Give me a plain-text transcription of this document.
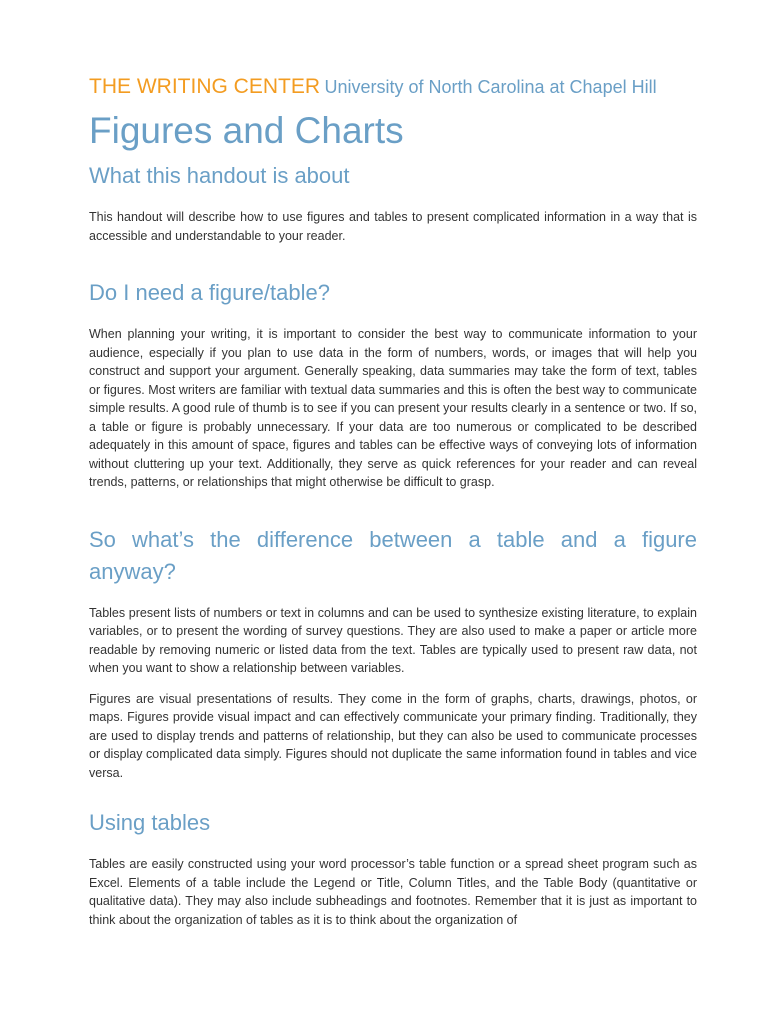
THE WRITING CENTER University of North Carolina at Chapel Hill
Figures and Charts
What this handout is about

This handout will describe how to use figures and tables to present complicated information in a way that is accessible and understandable to your reader.

Do I need a figure/table?

When planning your writing, it is important to consider the best way to communicate information to your audience, especially if you plan to use data in the form of numbers, words, or images that will help you construct and support your argument. Generally speaking, data summaries may take the form of text, tables or figures. Most writers are familiar with textual data summaries and this is often the best way to communicate simple results. A good rule of thumb is to see if you can present your results clearly in a sentence or two. If so, a table or figure is probably unnecessary. If your data are too numerous or complicated to be described adequately in this amount of space, figures and tables can be effective ways of conveying lots of information without cluttering up your text. Additionally, they serve as quick references for your reader and can reveal trends, patterns, or relationships that might otherwise be difficult to grasp.

So what’s the difference between a table and a figure anyway?

Tables present lists of numbers or text in columns and can be used to synthesize existing literature, to explain variables, or to present the wording of survey questions. They are also used to make a paper or article more readable by removing numeric or listed data from the text. Tables are typically used to present raw data, not when you want to show a relationship between variables.

Figures are visual presentations of results. They come in the form of graphs, charts, drawings, photos, or maps. Figures provide visual impact and can effectively communicate your primary finding. Traditionally, they are used to display trends and patterns of relationship, but they can also be used to communicate processes or display complicated data simply. Figures should not duplicate the same information found in tables and vice versa.

Using tables

Tables are easily constructed using your word processor’s table function or a spread sheet program such as Excel. Elements of a table include the Legend or Title, Column Titles, and the Table Body (quantitative or qualitative data). They may also include subheadings and footnotes. Remember that it is just as important to think about the organization of tables as it is to think about the organization of
